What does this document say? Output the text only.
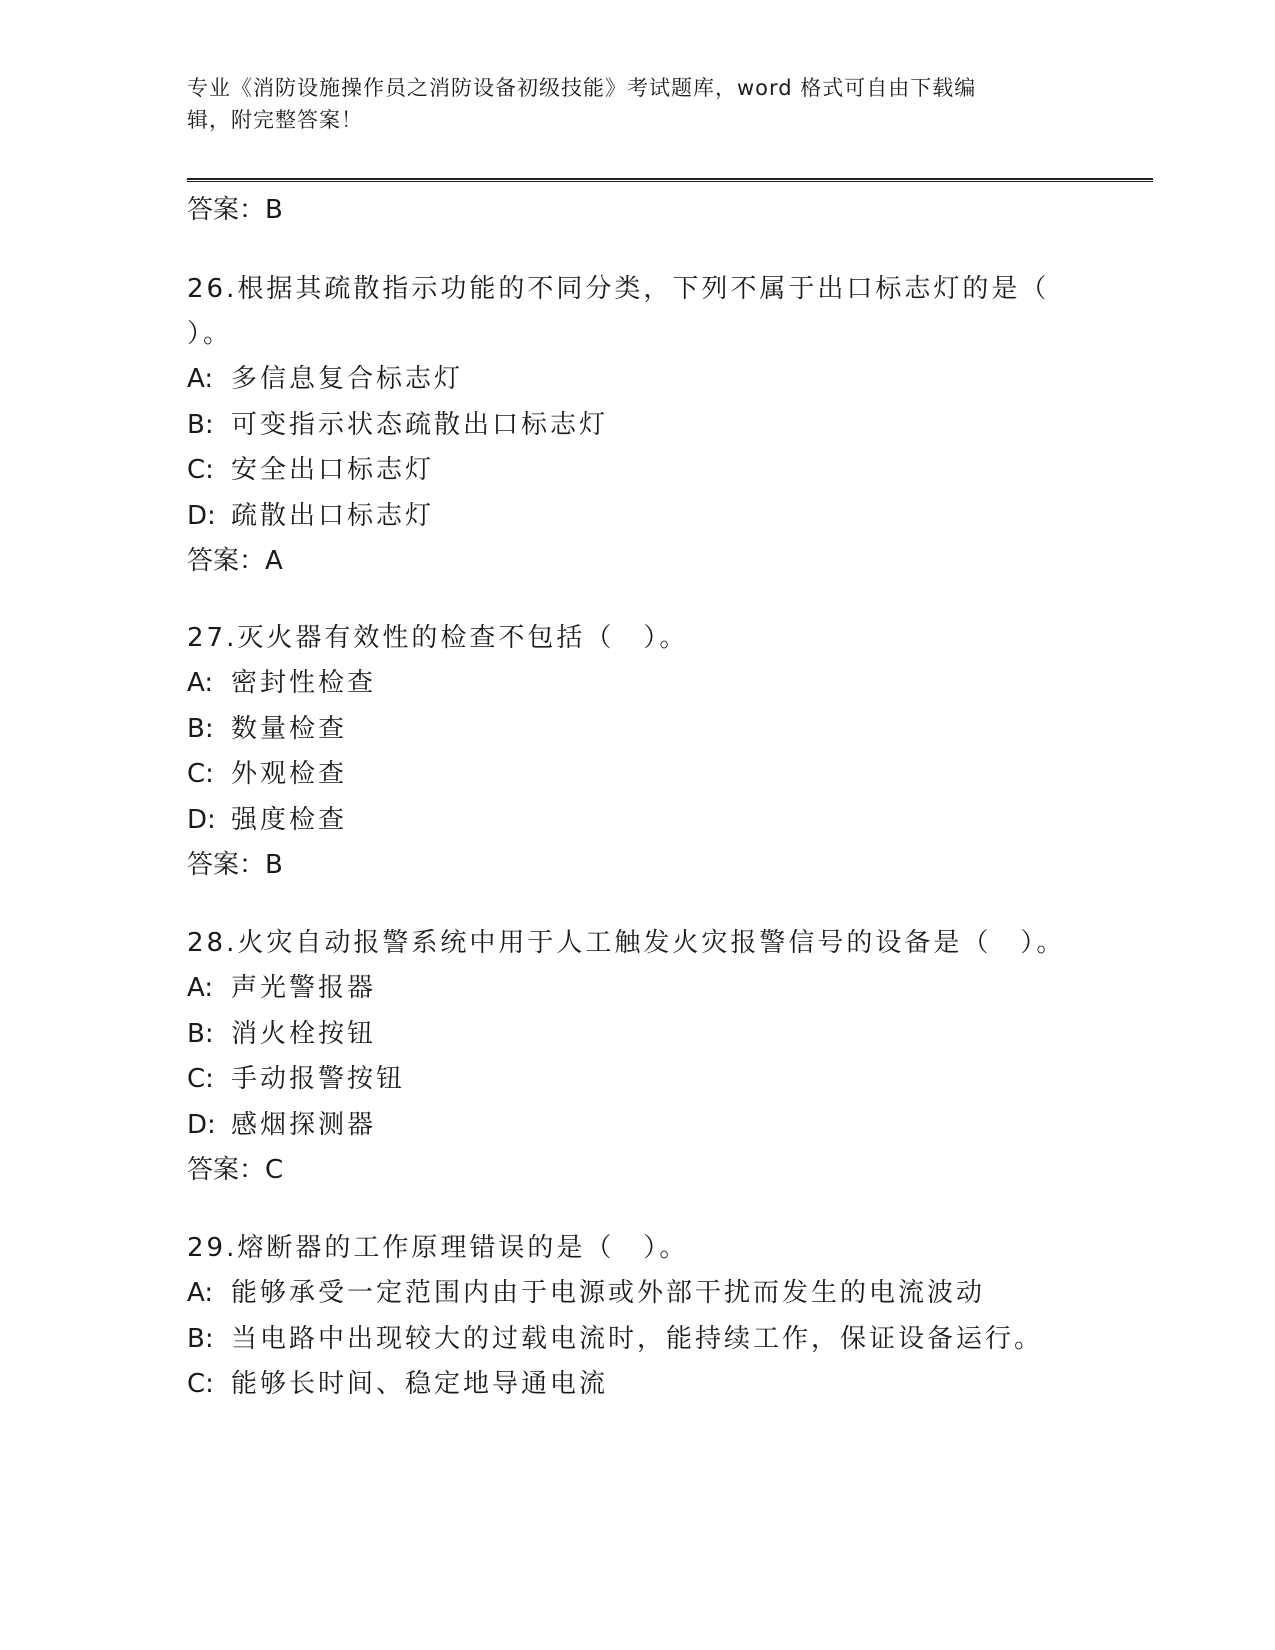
专业《消防设施操作员之消防设备初级技能》考试题库，word 格式可自由下载编
辑，附完整答案！
答案：B
26.根据其疏散指示功能的不同分类，下列不属于出口标志灯的是（
）。
A: 多信息复合标志灯
B: 可变指示状态疏散出口标志灯
C: 安全出口标志灯
D: 疏散出口标志灯
答案：A
27.灭火器有效性的检查不包括（　）。
A: 密封性检查
B: 数量检查
C: 外观检查
D: 强度检查
答案：B
28.火灾自动报警系统中用于人工触发火灾报警信号的设备是（　）。
A: 声光警报器
B: 消火栓按钮
C: 手动报警按钮
D: 感烟探测器
答案：C
29.熔断器的工作原理错误的是（　）。
A: 能够承受一定范围内由于电源或外部干扰而发生的电流波动
B: 当电路中出现较大的过载电流时，能持续工作，保证设备运行。
C: 能够长时间、稳定地导通电流
